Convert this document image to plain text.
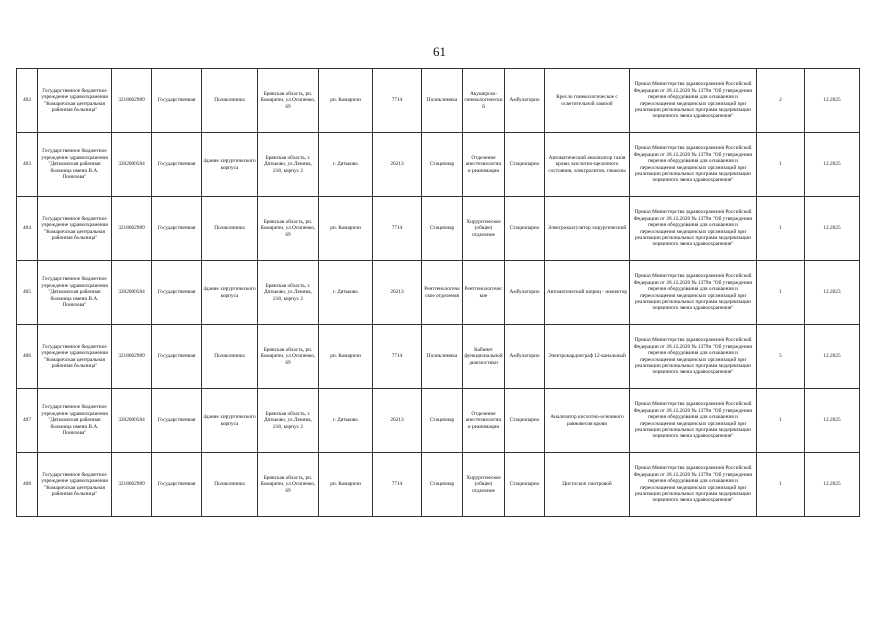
61
402	Государственное бюджетное учреждение здравоохранения "Комаричская центральная районная больница"	3218002989	Государственная	Поликлиника	Брянская область, рп. Комаричи, ул.Осипенко, 69	рп. Комаричи	7714	Поликлиника	Акушерско-гинекологический	Амбулаторно	Кресло гинекологическое с осветительной лампой	Приказ Министерства здравоохранения Российской Федерации от 28.12.2020 № 1379н "Об утверждении перечня оборудования для оснащения и переоснащения медицинских организаций при реализации региональных программ модернизации первичного звена здравоохранения"	2	12.2025
403	Государственное бюджетное учреждение здравоохранения "Дятьковская районная больница имени В.А. Понизова"	3202000584	Государственная	Здание хирургического корпуса	Брянская область, г. Дятьково, ул.Ленина, 218, корпус 2	г. Дятьково	26213	Стационар	Отделение анестезиологии и реанимации	Стационарно	Автоматический анализатор газов крови, кислотно-щелочного состояния, электролитов, глюкозы	Приказ Министерства здравоохранения Российской Федерации от 28.12.2020 № 1379н "Об утверждении перечня оборудования для оснащения и переоснащения медицинских организаций при реализации региональных программ модернизации первичного звена здравоохранения"	1	12.2025
404	Государственное бюджетное учреждение здравоохранения "Комаричская центральная районная больница"	3218002989	Государственная	Поликлиника	Брянская область, рп. Комаричи, ул.Осипенко, 69	рп. Комаричи	7714	Стационар	Хирургическое (общее) отделение	Стационарно	Электрокоагулятор хирургический	Приказ Министерства здравоохранения Российской Федерации от 28.12.2020 № 1379н "Об утверждении перечня оборудования для оснащения и переоснащения медицинских организаций при реализации региональных программ модернизации первичного звена здравоохранения"	1	12.2025
405	Государственное бюджетное учреждение здравоохранения "Дятьковская районная больница имени В.А. Понизова"	3202000584	Государственная	Здание хирургического корпуса	Брянская область, г. Дятьково, ул.Ленина, 218, корпус 2	г. Дятьково	26213	Рентгенологическое отделения	Рентгенологические	Амбулаторно	Автоматический шприц - инжектор	Приказ Министерства здравоохранения Российской Федерации от 28.12.2020 № 1379н "Об утверждении перечня оборудования для оснащения и переоснащения медицинских организаций при реализации региональных программ модернизации первичного звена здравоохранения"	1	12.2023
406	Государственное бюджетное учреждение здравоохранения "Комаричская центральная районная больница"	3218002989	Государственная	Поликлиника	Брянская область, рп. Комаричи, ул.Осипенко, 69	рп. Комаричи	7714	Поликлиника	Кабинет функциональной диагностики	Амбулаторно	Электрокардиограф 12-канальный	Приказ Министерства здравоохранения Российской Федерации от 28.12.2020 № 1379н "Об утверждении перечня оборудования для оснащения и переоснащения медицинских организаций при реализации региональных программ модернизации первичного звена здравоохранения"	5	12.2025
407	Государственное бюджетное учреждение здравоохранения "Дятьковская районная больница имени В.А. Понизова"	3202000584	Государственная	Здание хирургического корпуса	Брянская область, г. Дятьково, ул.Ленина, 218, корпус 2	г. Дятьково	26213	Стационар	Отделение анестезиологии и реанимации	Стационарно	Анализатор кислотно-основного равновесия крови	Приказ Министерства здравоохранения Российской Федерации от 28.12.2020 № 1379н "Об утверждении перечня оборудования для оснащения и переоснащения медицинских организаций при реализации региональных программ модернизации первичного звена здравоохранения"	1	12.2025
408	Государственное бюджетное учреждение здравоохранения "Комаричская центральная районная больница"	3218002989	Государственная	Поликлиника	Брянская область, рп. Комаричи, ул.Осипенко, 69	рп. Комаричи	7714	Стационар	Хирургическое (общее) отделение	Стационарно	Цистоскоп смотровой	Приказ Министерства здравоохранения Российской Федерации от 28.12.2020 № 1379н "Об утверждении перечня оборудования для оснащения и переоснащения медицинских организаций при реализации региональных программ модернизации первичного звена здравоохранения"	1	12.2025
